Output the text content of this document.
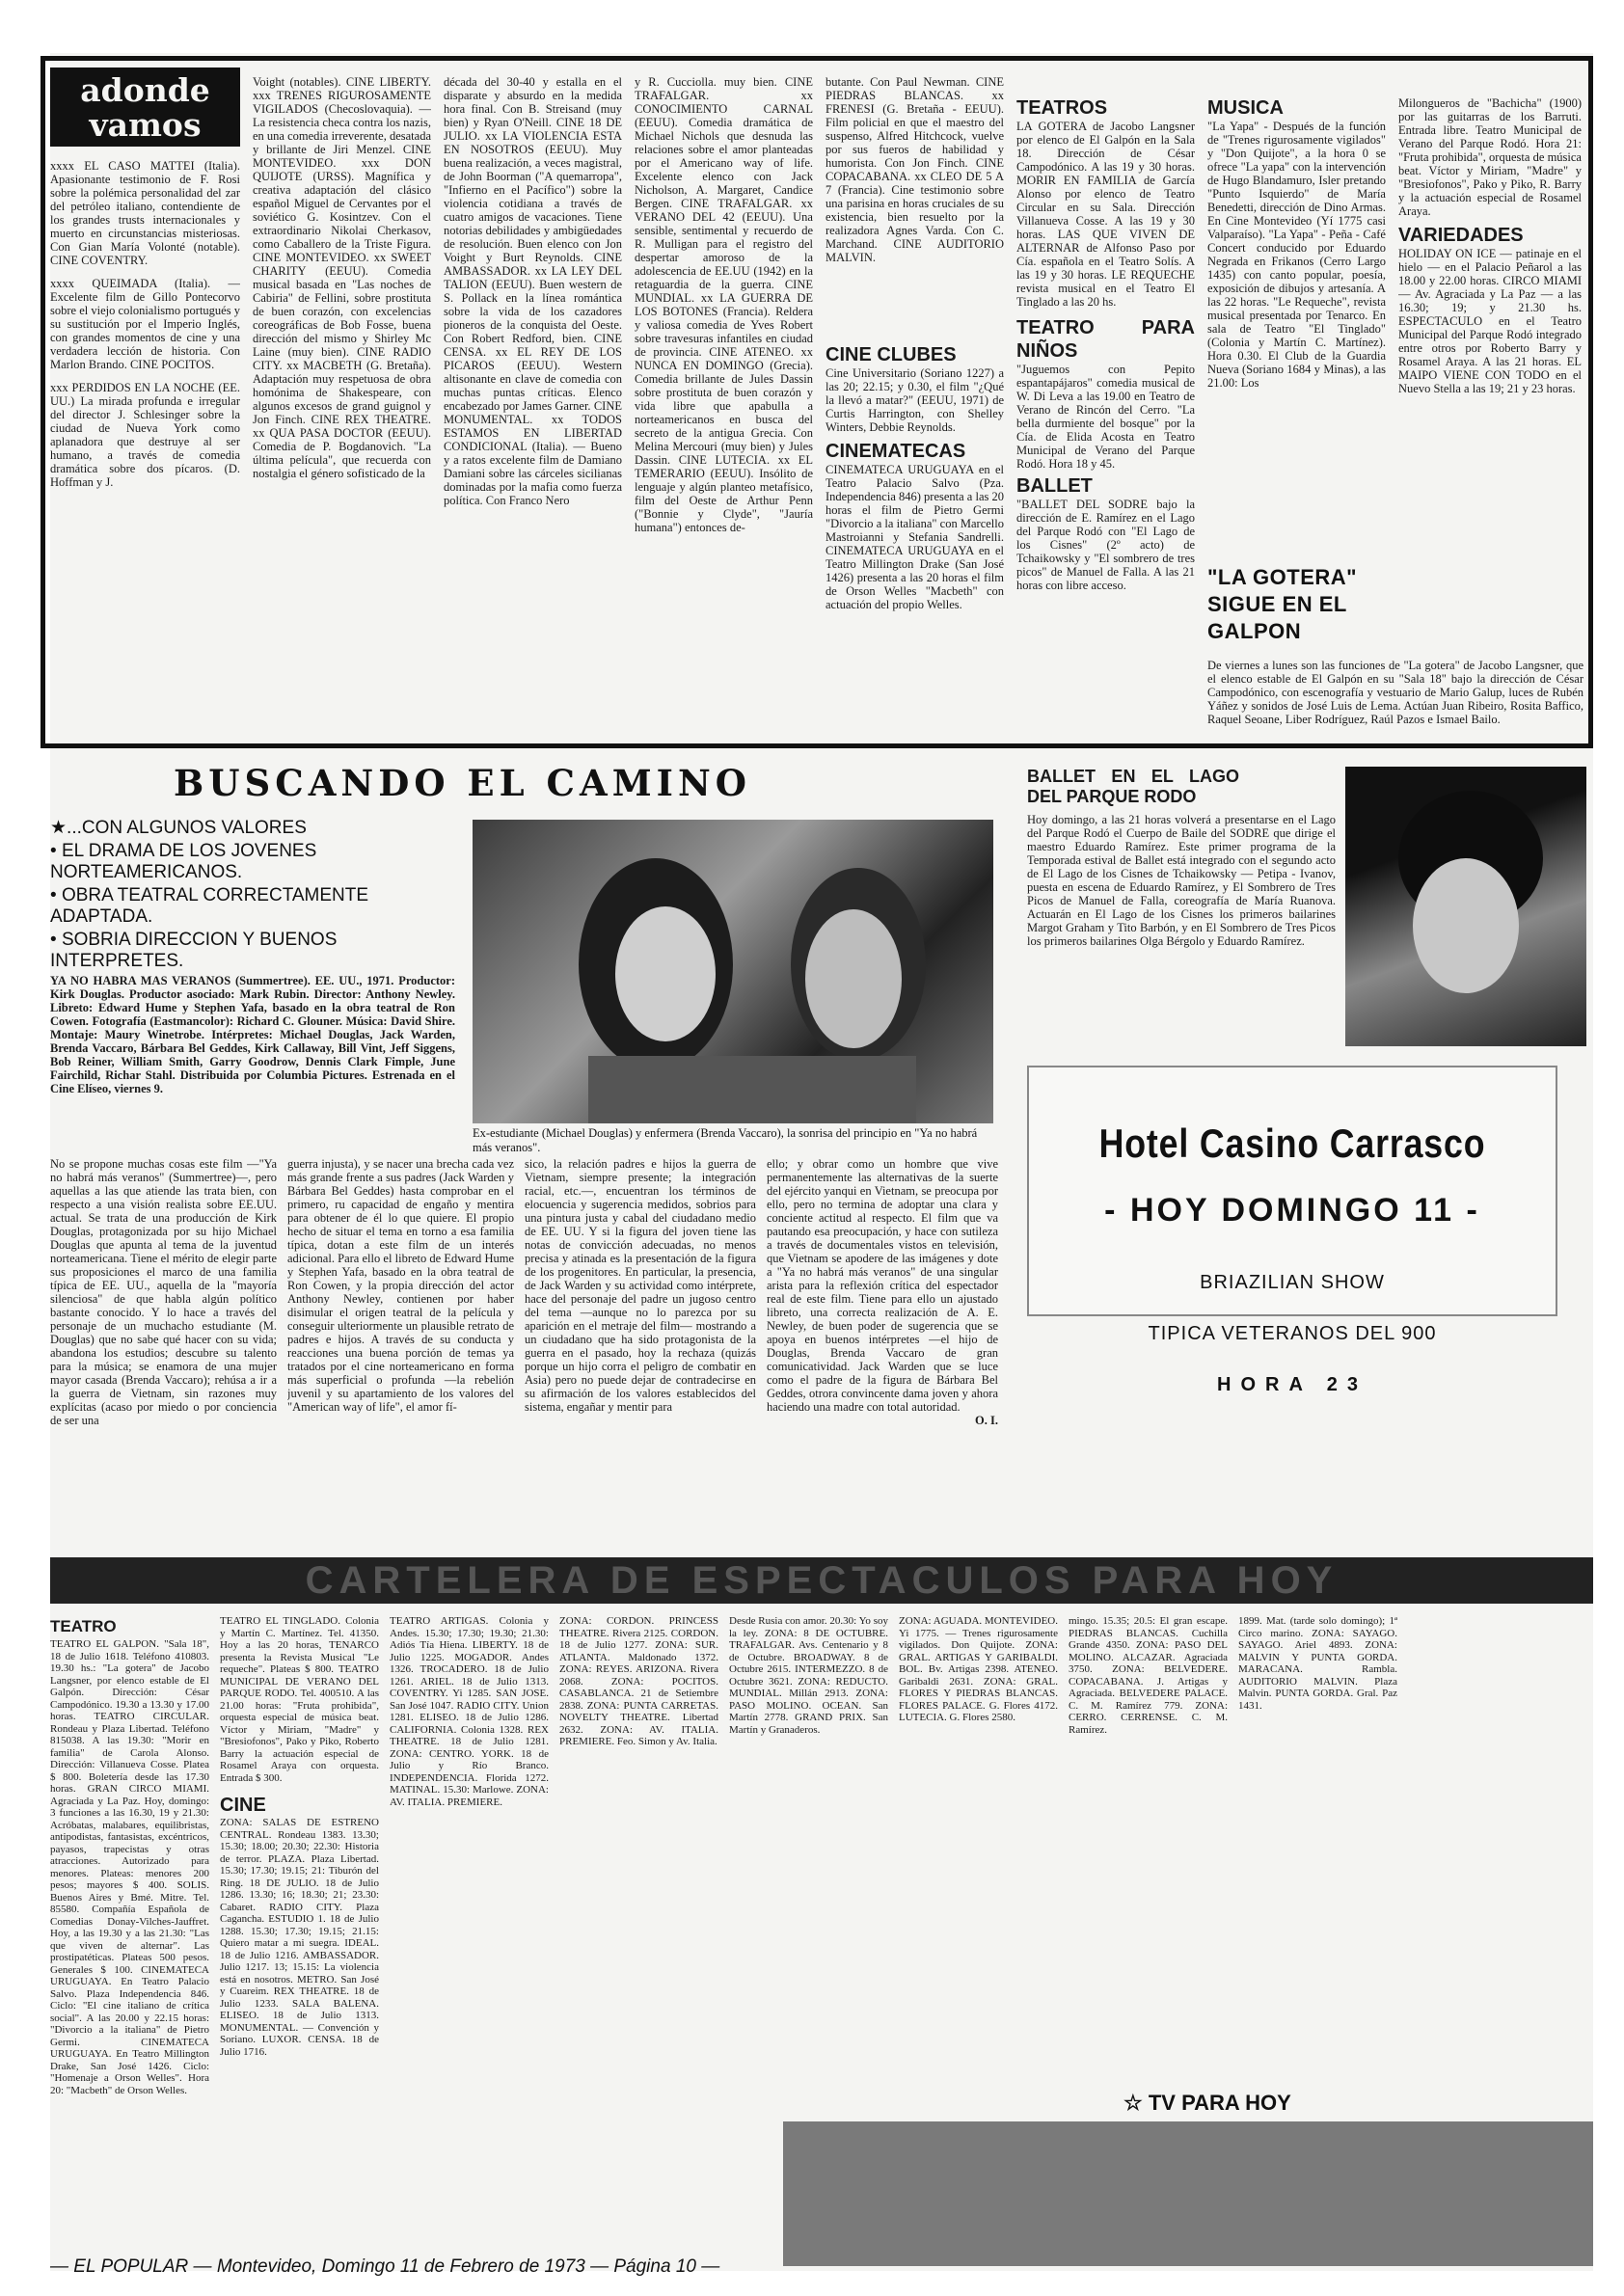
adonde
vamos

xxxx EL CASO MATTEI (Italia). Apasionante testimonio de F. Rosi sobre la polémica personalidad del zar del petróleo italiano, contendiente de los grandes trusts internacionales y muerto en circunstancias misteriosas. Con Gian María Volonté (notable). CINE COVENTRY.

xxxx QUEIMADA (Italia). — Excelente film de Gillo Pontecorvo sobre el viejo colonialismo portugués y su sustitución por el Imperio Inglés, con grandes momentos de cine y una verdadera lección de historia. Con Marlon Brando. CINE POCITOS.

xxx PERDIDOS EN LA NOCHE (EE. UU.) La mirada profunda e irregular del director J. Schlesinger sobre la ciudad de Nueva York como aplanadora que destruye al ser humano, a través de comedia dramática sobre dos pícaros. (D. Hoffman y J.

Voight (notables). CINE LIBERTY. xxx TRENES RIGUROSAMENTE VIGILADOS (Checoslovaquia). — La resistencia checa contra los nazis, en una comedia irreverente, desatada y brillante de Jiri Menzel. CINE MONTEVIDEO. xxx DON QUIJOTE (URSS). Magnífica y creativa adaptación del clásico español Miguel de Cervantes por el soviético G. Kosintzev. Con el extraordinario Nikolai Cherkasov, como Caballero de la Triste Figura. CINE MONTEVIDEO. xx SWEET CHARITY (EEUU). Comedia musical basada en "Las noches de Cabiria" de Fellini, sobre prostituta de buen corazón, con excelencias coreográficas de Bob Fosse, buena dirección del mismo y Shirley Mc Laine (muy bien). CINE RADIO CITY. xx MACBETH (G. Bretaña). Adaptación muy respetuosa de obra homónima de Shakespeare, con algunos excesos de grand guignol y Jon Finch. CINE REX THEATRE. xx QUA PASA DOCTOR (EEUU). Comedia de P. Bogdanovich. "La última película", que recuerda con nostalgia el género sofisticado de la

década del 30-40 y estalla en el disparate y absurdo en la medida hora final. Con B. Streisand (muy bien) y Ryan O'Neill. CINE 18 DE JULIO. xx LA VIOLENCIA ESTA EN NOSOTROS (EEUU). Muy buena realización, a veces magistral, de John Boorman ("A quemarropa", "Infierno en el Pacífico") sobre la violencia cotidiana a través de cuatro amigos de vacaciones. Tiene notorias debilidades y ambigüedades de resolución. Buen elenco con Jon Voight y Burt Reynolds. CINE AMBASSADOR. xx LA LEY DEL TALION (EEUU). Buen western de S. Pollack en la línea romántica sobre la vida de los cazadores pioneros de la conquista del Oeste. Con Robert Redford, bien. CINE CENSA. xx EL REY DE LOS PICAROS (EEUU). Western altisonante en clave de comedia con muchas puntas críticas. Elenco encabezado por James Garner. CINE MONUMENTAL. xx TODOS ESTAMOS EN LIBERTAD CONDICIONAL (Italia). — Bueno y a ratos excelente film de Damiano Damiani sobre las cárceles sicilianas dominadas por la mafia como fuerza política. Con Franco Nero

y R. Cucciolla. muy bien. CINE TRAFALGAR. xx CONOCIMIENTO CARNAL (EEUU). Comedia dramática de Michael Nichols que desnuda las relaciones sobre el amor planteadas por el Americano way of life. Excelente elenco con Jack Nicholson, A. Margaret, Candice Bergen. CINE TRAFALGAR. xx VERANO DEL 42 (EEUU). Una sensible, sentimental y recuerdo de R. Mulligan para el registro del despertar amoroso de la adolescencia de EE.UU (1942) en la retaguardia de la guerra. CINE MUNDIAL. xx LA GUERRA DE LOS BOTONES (Francia). Reldera y valiosa comedia de Yves Robert sobre travesuras infantiles en ciudad de provincia. CINE ATENEO. xx NUNCA EN DOMINGO (Grecia). Comedia brillante de Jules Dassin sobre prostituta de buen corazón y vida libre que apabulla a norteamericanos en busca del secreto de la antigua Grecia. Con Melina Mercouri (muy bien) y Jules Dassin. CINE LUTECIA. xx EL TEMERARIO (EEUU). Insólito de lenguaje y algún planteo metafísico, film del Oeste de Arthur Penn ("Bonnie y Clyde", "Jauría humana") entonces de-

butante. Con Paul Newman. CINE PIEDRAS BLANCAS. xx FRENESI (G. Bretaña - EEUU). Film policial en que el maestro del suspenso, Alfred Hitchcock, vuelve por sus fueros de habilidad y humorista. Con Jon Finch. CINE COPACABANA. xx CLEO DE 5 A 7 (Francia). Cine testimonio sobre una parisina en horas cruciales de su existencia, bien resuelto por la realizadora Agnes Varda. Con C. Marchand. CINE AUDITORIO MALVIN.

CINE CLUBES

Cine Universitario (Soriano 1227) a las 20; 22.15; y 0.30, el film "¿Qué la llevó a matar?" (EEUU, 1971) de Curtis Harrington, con Shelley Winters, Debbie Reynolds.

CINEMATECAS

CINEMATECA URUGUAYA en el Teatro Palacio Salvo (Pza. Independencia 846) presenta a las 20 horas el film de Pietro Germi "Divorcio a la italiana" con Marcello Mastroianni y Stefania Sandrelli. CINEMATECA URUGUAYA en el Teatro Millington Drake (San José 1426) presenta a las 20 horas el film de Orson Welles "Macbeth" con actuación del propio Welles.

TEATROS

LA GOTERA de Jacobo Langsner por elenco de El Galpón en la Sala 18. Dirección de César Campodónico. A las 19 y 30 horas. MORIR EN FAMILIA de García Alonso por elenco de Teatro Circular en su Sala. Dirección Villanueva Cosse. A las 19 y 30 horas. LAS QUE VIVEN DE ALTERNAR de Alfonso Paso por Cía. española en el Teatro Solís. A las 19 y 30 horas. LE REQUECHE revista musical en el Teatro El Tinglado a las 20 hs.

TEATRO PARA NIÑOS

"Juguemos con Pepito espantapájaros" comedia musical de W. Di Leva a las 19.00 en Teatro de Verano de Rincón del Cerro. "La bella durmiente del bosque" por la Cía. de Elida Acosta en Teatro Municipal de Verano del Parque Rodó. Hora 18 y 45.

BALLET

"BALLET DEL SODRE bajo la dirección de E. Ramírez en el Lago del Parque Rodó con "El Lago de los Cisnes" (2º acto) de Tchaikowsky y "El sombrero de tres picos" de Manuel de Falla. A las 21 horas con libre acceso.

MUSICA

"La Yapa" - Después de la función de "Trenes rigurosamente vigilados" y "Don Quijote", a la hora 0 se ofrece "La yapa" con la intervención de Hugo Blandamuro, Isler pretando "Punto Isquierdo" de María Benedetti, dirección de Dino Armas. En Cine Montevideo (Yí 1775 casi Valparaíso). "La Yapa" - Peña - Café Concert conducido por Eduardo Negrada en Frikanos (Cerro Largo 1435) con canto popular, poesía, exposición de dibujos y artesanía. A las 22 horas. "Le Requeche", revista musical presentada por Tenarco. En sala de Teatro "El Tinglado" (Colonia y Martín C. Martínez). Hora 0.30. El Club de la Guardia Nueva (Soriano 1684 y Minas), a las 21.00: Los

Milongueros de "Bachicha" (1900) por las guitarras de los Barruti. Entrada libre. Teatro Municipal de Verano del Parque Rodó. Hora 21: "Fruta prohibida", orquesta de música beat. Víctor y Miriam, "Madre" y "Bresiofonos", Pako y Piko, R. Barry y la actuación especial de Rosamel Araya.

VARIEDADES

HOLIDAY ON ICE — patinaje en el hielo — en el Palacio Peñarol a las 18.00 y 22.00 horas. CIRCO MIAMI — Av. Agraciada y La Paz — a las 16.30; 19; y 21.30 hs. ESPECTACULO en el Teatro Municipal del Parque Rodó integrado entre otros por Roberto Barry y Rosamel Araya. A las 21 horas. EL MAIPO VIENE CON TODO en el Nuevo Stella a las 19; 21 y 23 horas.

"LA GOTERA" SIGUE EN EL GALPON

De viernes a lunes son las funciones de "La gotera" de Jacobo Langsner, que el elenco estable de El Galpón en su "Sala 18" bajo la dirección de César Campodónico, con escenografía y vestuario de Mario Galup, luces de Rubén Yáñez y sonidos de José Luis de Lema. Actúan Juan Ribeiro, Rosita Baffico, Raquel Seoane, Liber Rodríguez, Raúl Pazos e Ismael Bailo.

BUSCANDO EL CAMINO
★...CON ALGUNOS VALORES
• EL DRAMA DE LOS JOVENES NORTEAMERICANOS.
• OBRA TEATRAL CORRECTAMENTE ADAPTADA.
• SOBRIA DIRECCION Y BUENOS INTERPRETES.

YA NO HABRA MAS VERANOS (Summertree). EE. UU., 1971. Productor: Kirk Douglas. Productor asociado: Mark Rubin. Director: Anthony Newley. Libreto: Edward Hume y Stephen Yafa, basado en la obra teatral de Ron Cowen. Fotografía (Eastmancolor): Richard C. Glouner. Música: David Shire. Montaje: Maury Winetrobe. Intérpretes: Michael Douglas, Jack Warden, Brenda Vaccaro, Bárbara Bel Geddes, Kirk Callaway, Bill Vint, Jeff Siggens, Bob Reiner, William Smith, Garry Goodrow, Dennis Clark Fimple, June Fairchild, Richar Stahl. Distribuida por Columbia Pictures. Estrenada en el Cine Elíseo, viernes 9.

Ex-estudiante (Michael Douglas) y enfermera (Brenda Vaccaro), la sonrisa del principio en "Ya no habrá más veranos".

No se propone muchas cosas este film —"Ya no habrá más veranos" (Summertree)—, pero aquellas a las que atiende las trata bien, con respecto a una visión realista sobre EE.UU. actual. Se trata de una producción de Kirk Douglas, protagonizada por su hijo Michael Douglas que apunta al tema de la juventud norteamericana. Tiene el mérito de elegir parte sus proposiciones el marco de una familia típica de EE. UU., aquella de la "mayoría silenciosa" de que habla algún político bastante conocido. Y lo hace a través del personaje de un muchacho estudiante (M. Douglas) que no sabe qué hacer con su vida; abandona los estudios; descubre su talento para la música; se enamora de una mujer mayor casada (Brenda Vaccaro); rehúsa a ir a la guerra de Vietnam, sin razones muy explícitas (acaso por miedo o por conciencia de ser una

guerra injusta), y se nacer una brecha cada vez más grande frente a sus padres (Jack Warden y Bárbara Bel Geddes) hasta comprobar en el primero, ru capacidad de engaño y mentira para obtener de él lo que quiere. El propio hecho de situar el tema en torno a esa familia típica, dotan a este film de un interés adicional. Para ello el libreto de Edward Hume y Stephen Yafa, basado en la obra teatral de Ron Cowen, y la propia dirección del actor Anthony Newley, contienen por haber disimular el origen teatral de la película y conseguir ulteriormente un plausible retrato de padres e hijos. A través de su conducta y reacciones una buena porción de temas ya tratados por el cine norteamericano en forma más superficial o profunda —la rebelión juvenil y su apartamiento de los valores del "American way of life", el amor fí-

sico, la relación padres e hijos la guerra de Vietnam, siempre presente; la integración racial, etc.—, encuentran los términos de elocuencia y sugerencia medidos, sobrios para una pintura justa y cabal del ciudadano medio de EE. UU. Y si la figura del joven tiene las notas de convicción adecuadas, no menos precisa y atinada es la presentación de la figura de los progenitores. En particular, la presencia, de Jack Warden y su actividad como intérprete, hace del personaje del padre un jugoso centro del tema —aunque no lo parezca por su aparición en el metraje del film— mostrando a un ciudadano que ha sido protagonista de la guerra en el pasado, hoy la rechaza (quizás porque un hijo corra el peligro de combatir en Asia) pero no puede dejar de contradecirse en su afirmación de los valores establecidos del sistema, engañar y mentir para

ello; y obrar como un hombre que vive permanentemente las alternativas de la suerte del ejército yanqui en Vietnam, se preocupa por ello, pero no termina de adoptar una clara y conciente actitud al respecto. El film que va pautando esa preocupación, y hace con sutileza a través de documentales vistos en televisión, que Vietnam se apodere de las imágenes y dote a "Ya no habrá más veranos" de una singular arista para la reflexión crítica del espectador real de este film. Tiene para ello un ajustado libreto, una correcta realización de A. E. Newley, de buen poder de sugerencia que se apoya en buenos intérpretes —el hijo de Douglas, Brenda Vaccaro de gran comunicatividad. Jack Warden que se luce como el padre de la figura de Bárbara Bel Geddes, otrora convincente dama joven y ahora haciendo una madre con total autoridad.

O. I.

BALLET EN EL LAGO DEL PARQUE RODO

Hoy domingo, a las 21 horas volverá a presentarse en el Lago del Parque Rodó el Cuerpo de Baile del SODRE que dirige el maestro Eduardo Ramírez. Este primer programa de la Temporada estival de Ballet está integrado con el segundo acto de El Lago de los Cisnes de Tchaikowsky — Petipa - Ivanov, puesta en escena de Eduardo Ramírez, y El Sombrero de Tres Picos de Manuel de Falla, coreografía de María Ruanova. Actuarán en El Lago de los Cisnes los primeros bailarines Margot Graham y Tito Barbón, y en El Sombrero de Tres Picos los primeros bailarines Olga Bérgolo y Eduardo Ramírez.

Hotel Casino Carrasco
- HOY DOMINGO 11 -
BRIAZILIAN SHOW
TIPICA VETERANOS DEL 900
HORA 23
CARTELERA DE ESPECTACULOS PARA HOY
TEATRO

TEATRO EL GALPON. "Sala 18", 18 de Julio 1618. Teléfono 410803. 19.30 hs.: "La gotera" de Jacobo Langsner, por elenco estable de El Galpón. Dirección: César Campodónico. 19.30 a 13.30 y 17.00 horas. TEATRO CIRCULAR. Rondeau y Plaza Libertad. Teléfono 815038. A las 19.30: "Morir en familia" de Carola Alonso. Dirección: Villanueva Cosse. Platea $ 800. Boletería desde las 17.30 horas. GRAN CIRCO MIAMI. Agraciada y La Paz. Hoy, domingo: 3 funciones a las 16.30, 19 y 21.30: Acróbatas, malabares, equilibristas, antipodistas, fantasistas, excéntricos, payasos, trapecistas y otras atracciones. Autorizado para menores. Plateas: menores 200 pesos; mayores $ 400. SOLIS. Buenos Aires y Bmé. Mitre. Tel. 85580. Compañía Española de Comedias Donay-Vilches-Jauffret. Hoy, a las 19.30 y a las 21.30: "Las que viven de alternar". Las prostipatéticas. Plateas 500 pesos. Generales $ 100. CINEMATECA URUGUAYA. En Teatro Palacio Salvo. Plaza Independencia 846. Ciclo: "El cine italiano de crítica social". A las 20.00 y 22.15 horas: "Divorcio a la italiana" de Pietro Germi. CINEMATECA URUGUAYA. En Teatro Millington Drake, San José 1426. Ciclo: "Homenaje a Orson Welles". Hora 20: "Macbeth" de Orson Welles.

TEATRO EL TINGLADO. Colonia y Martín C. Martínez. Tel. 41350. Hoy a las 20 horas, TENARCO presenta la Revista Musical "Le requeche". Plateas $ 800. TEATRO MUNICIPAL DE VERANO DEL PARQUE RODO. Tel. 400510. A las 21.00 horas: "Fruta prohibida", orquesta especial de música beat. Víctor y Miriam, "Madre" y "Bresiofonos", Pako y Piko, Roberto Barry la actuación especial de Rosamel Araya con orquesta. Entrada $ 300.

CINE

ZONA: SALAS DE ESTRENO CENTRAL. Rondeau 1383. 13.30; 15.30; 18.00; 20.30; 22.30: Historia de terror. PLAZA. Plaza Libertad. 15.30; 17.30; 19.15; 21: Tiburón del Ring. 18 DE JULIO. 18 de Julio 1286. 13.30; 16; 18.30; 21; 23.30: Cabaret. RADIO CITY. Plaza Cagancha. ESTUDIO 1. 18 de Julio 1288. 15.30; 17.30; 19.15; 21.15: Quiero matar a mi suegra. IDEAL. 18 de Julio 1216. AMBASSADOR. Julio 1217. 13; 15.15: La violencia está en nosotros. METRO. San José y Cuareim. REX THEATRE. 18 de Julio 1233. SALA BALENA. ELISEO. 18 de Julio 1313. MONUMENTAL. — Convención y Soriano. LUXOR. CENSA. 18 de Julio 1716.

TEATRO ARTIGAS. Colonia y Andes. 15.30; 17.30; 19.30; 21.30: Adiós Tía Hiena. LIBERTY. 18 de Julio 1225. MOGADOR. Andes 1326. TROCADERO. 18 de Julio 1261. ARIEL. 18 de Julio 1313. COVENTRY. Yi 1285. SAN JOSE. San José 1047. RADIO CITY. Union 1281. ELISEO. 18 de Julio 1286. CALIFORNIA. Colonia 1328. REX THEATRE. 18 de Julio 1281. ZONA: CENTRO. YORK. 18 de Julio y Río Branco. INDEPENDENCIA. Florida 1272. MATINAL. 15.30: Marlowe. ZONA: AV. ITALIA. PREMIERE.

ZONA: CORDON. PRINCESS THEATRE. Rivera 2125. CORDON. 18 de Julio 1277. ZONA: SUR. ATLANTA. Maldonado 1372. ZONA: REYES. ARIZONA. Rivera 2068. ZONA: POCITOS. CASABLANCA. 21 de Setiembre 2838. ZONA: PUNTA CARRETAS. NOVELTY THEATRE. Libertad 2632. ZONA: AV. ITALIA. PREMIERE. Feo. Simon y Av. Italia.

Desde Rusia con amor. 20.30: Yo soy la ley. ZONA: 8 DE OCTUBRE. TRAFALGAR. Avs. Centenario y 8 de Octubre. BROADWAY. 8 de Octubre 2615. INTERMEZZO. 8 de Octubre 3621. ZONA: REDUCTO. MUNDIAL. Millán 2913. ZONA: PASO MOLINO. OCEAN. San Martín 2778. GRAND PRIX. San Martín y Granaderos.

ZONA: AGUADA. MONTEVIDEO. Yi 1775. — Trenes rigurosamente vigilados. Don Quijote. ZONA: GRAL. ARTIGAS Y GARIBALDI. BOL. Bv. Artigas 2398. ATENEO. Garibaldi 2631. ZONA: GRAL. FLORES Y PIEDRAS BLANCAS. FLORES PALACE. G. Flores 4172. LUTECIA. G. Flores 2580.

mingo. 15.35; 20.5: El gran escape. PIEDRAS BLANCAS. Cuchilla Grande 4350. ZONA: PASO DEL MOLINO. ALCAZAR. Agraciada 3750. ZONA: BELVEDERE. COPACABANA. J. Artigas y Agraciada. BELVEDERE PALACE. C. M. Ramírez 779. ZONA: CERRO. CERRENSE. C. M. Ramírez.

1899. Mat. (tarde solo domingo); 1ª Circo marino. ZONA: SAYAGO. SAYAGO. Ariel 4893. ZONA: MALVIN Y PUNTA GORDA. MARACANA. Rambla. AUDITORIO MALVIN. Plaza Malvin. PUNTA GORDA. Gral. Paz 1431.

☆ TV PARA HOY
— EL POPULAR — Montevideo, Domingo 11 de Febrero de 1973 — Página 10 —
